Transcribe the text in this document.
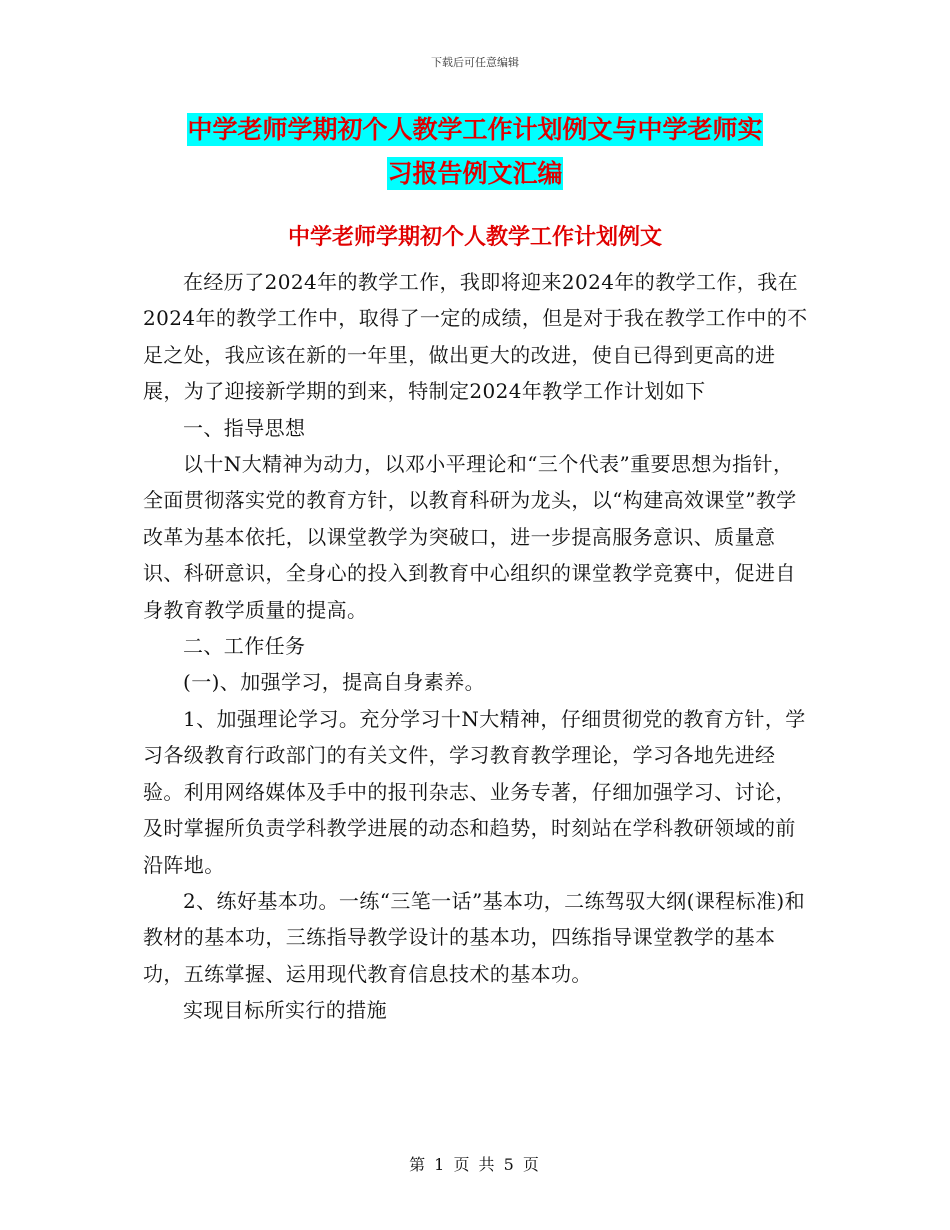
下载后可任意编辑
中学老师学期初个人教学工作计划例文与中学老师实
习报告例文汇编
中学老师学期初个人教学工作计划例文

在经历了2024年的教学工作，我即将迎来2024年的教学工作，我在2024年的教学工作中，取得了一定的成绩，但是对于我在教学工作中的不足之处，我应该在新的一年里，做出更大的改进，使自已得到更高的进展，为了迎接新学期的到来，特制定2024年教学工作计划如下

一、指导思想

以十N大精神为动力，以邓小平理论和“三个代表”重要思想为指针，全面贯彻落实党的教育方针，以教育科研为龙头，以“构建高效课堂”教学改革为基本依托，以课堂教学为突破口，进一步提高服务意识、质量意识、科研意识，全身心的投入到教育中心组织的课堂教学竞赛中，促进自身教育教学质量的提高。

二、工作任务

(一)、加强学习，提高自身素养。

1、加强理论学习。充分学习十N大精神，仔细贯彻党的教育方针，学习各级教育行政部门的有关文件，学习教育教学理论，学习各地先进经验。利用网络媒体及手中的报刊杂志、业务专著，仔细加强学习、讨论，及时掌握所负责学科教学进展的动态和趋势，时刻站在学科教研领域的前沿阵地。

2、练好基本功。一练“三笔一话”基本功，二练驾驭大纲(课程标准)和教材的基本功，三练指导教学设计的基本功，四练指导课堂教学的基本功，五练掌握、运用现代教育信息技术的基本功。

实现目标所实行的措施

第 1 页 共 5 页
